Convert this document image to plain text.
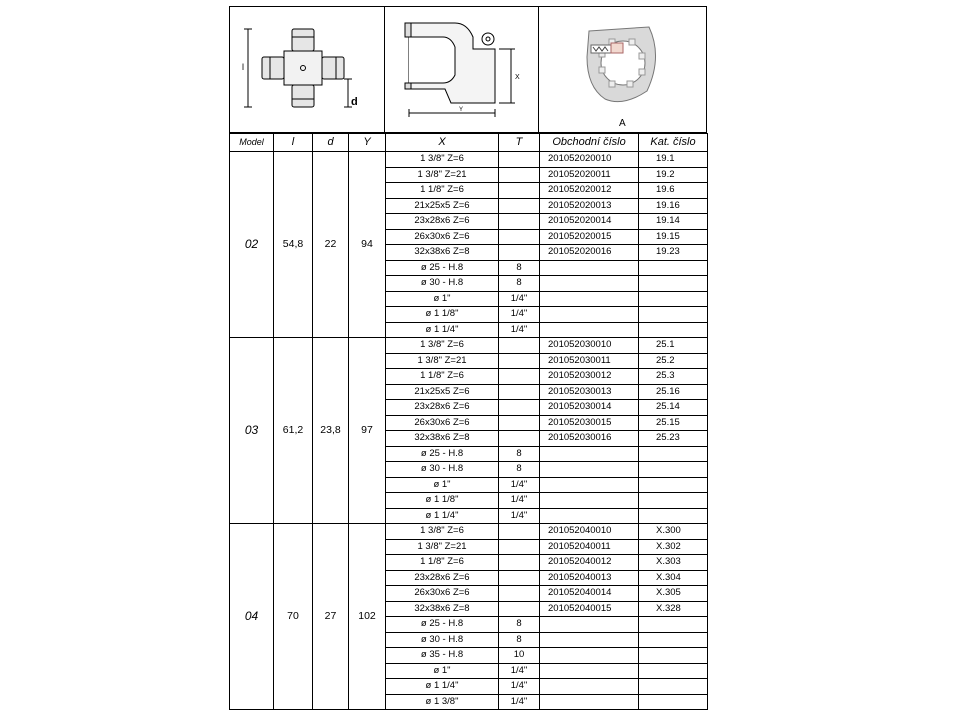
l
d
X
Y
A
Model	l	d	Y	X	T	Obchodní číslo	Kat. číslo
02	54,8	22	94	1 3/8" Z=6		201052020010	19.1
				1 3/8" Z=21		201052020011	19.2
				1 1/8" Z=6		201052020012	19.6
				21x25x5 Z=6		201052020013	19.16
				23x28x6 Z=6		201052020014	19.14
				26x30x6 Z=6		201052020015	19.15
				32x38x6 Z=8		201052020016	19.23
				ø 25 - H.8	8		
				ø 30 - H.8	8		
				ø 1"	1/4"		
				ø 1 1/8"	1/4"		
				ø 1 1/4"	1/4"		
03	61,2	23,8	97	1 3/8" Z=6		201052030010	25.1
				1 3/8" Z=21		201052030011	25.2
				1 1/8" Z=6		201052030012	25.3
				21x25x5 Z=6		201052030013	25.16
				23x28x6 Z=6		201052030014	25.14
				26x30x6 Z=6		201052030015	25.15
				32x38x6 Z=8		201052030016	25.23
				ø 25 - H.8	8		
				ø 30 - H.8	8		
				ø 1"	1/4"		
				ø 1 1/8"	1/4"		
				ø 1 1/4"	1/4"		
04	70	27	102	1 3/8" Z=6		201052040010	X.300
				1 3/8" Z=21		201052040011	X.302
				1 1/8" Z=6		201052040012	X.303
				23x28x6 Z=6		201052040013	X.304
				26x30x6 Z=6		201052040014	X.305
				32x38x6 Z=8		201052040015	X.328
				ø 25 - H.8	8		
				ø 30 - H.8	8		
				ø 35 - H.8	10		
				ø 1"	1/4"		
				ø 1 1/4"	1/4"		
				ø 1 3/8"	1/4"		
